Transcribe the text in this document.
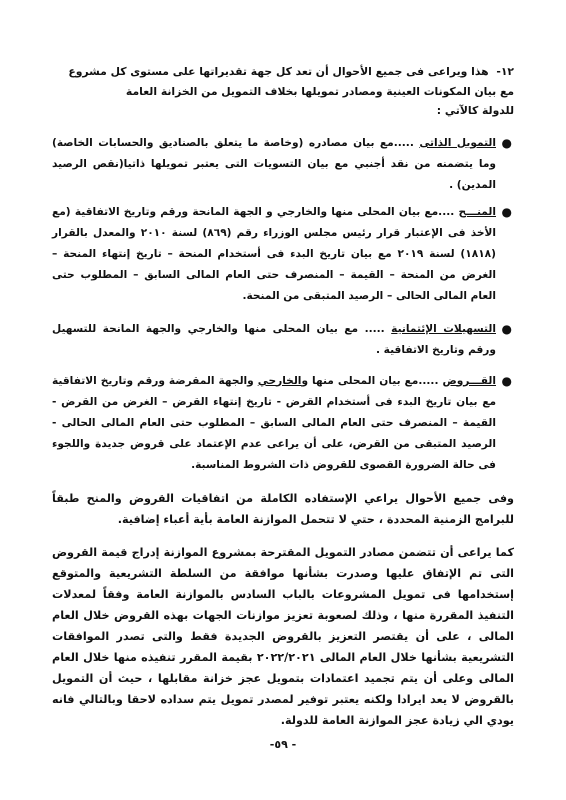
١٢- هذا ويراعى فى جميع الأحوال أن تعد كل جهة تقديراتها على مستوى كل مشروع

مع بيان المكونات العينية ومصادر تمويلها بخلاف التمويل من الخزانة العامة

للدولة كالآتي :

●
التمويل الذاتى .....مع بيان مصادره (وخاصة ما يتعلق بالصناديق والحسابات الخاصة) وما يتضمنه من نقد أجنبي مع بيان التسويات التى يعتبر تمويلها ذاتيا(نقص الرصيد المدين) .
●
المنـــح ....مع بيان المحلى منها والخارجي و الجهة المانحة ورقم وتاريخ الاتفاقية (مع الأخذ فى الإعتبار قرار رئيس مجلس الوزراء رقم (٨٦٩) لسنة ٢٠١٠ والمعدل بالقرار (١٨١٨) لسنة ٢٠١٩ مع بيان تاريخ البدء فى أستخدام المنحة – تاريخ إنتهاء المنحة – الغرض من المنحة – القيمة – المنصرف حتى العام المالى السابق – المطلوب حتى العام المالى الحالى – الرصيد المتبقى من المنحة.
●
التسهيلات الإئتمانية ..... مع بيان المحلى منها والخارجي والجهة المانحة للتسهيل ورقم وتاريخ الاتفاقية .
●
القـــروض .....مع بيان المحلى منها والخارجي والجهة المقرضة ورقم وتاريخ الاتفاقية مع بيان تاريخ البدء فى أستخدام القرض - تاريخ إنتهاء القرض – الغرض من القرض - القيمة – المنصرف حتى العام المالى السابق – المطلوب حتى العام المالى الحالى - الرصيد المتبقى من القرض، على أن يراعى عدم الإعتماد على قروض جديدة واللجوء فى حالة الضرورة القصوى للقروض ذات الشروط المناسبة.

وفى جميع الأحوال يراعي الإستفاده الكاملة من اتفاقيات القروض والمنح طبقاً للبرامج الزمنية المحددة ، حتي لا تتحمل الموازنة العامة بأية أعباء إضافية.

كما يراعى أن تتضمن مصادر التمويل المقترحة بمشروع الموازنة إدراج قيمة القروض التى تم الإتفاق عليها وصدرت بشأنها موافقة من السلطة التشريعية والمتوقع إستخدامها فى تمويل المشروعات بالباب السادس بالموازنة العامة وفقاً لمعدلات التنفيذ المقررة منها ، وذلك لصعوبة تعزيز موازنات الجهات بهذه القروض خلال العام المالى ، على أن يقتصر التعزيز بالقروض الجديدة فقط والتى تصدر الموافقات التشريعية بشأنها خلال العام المالى ٢٠٢٢/٢٠٢١ بقيمة المقرر تنفيذه منها خلال العام المالى وعلى أن يتم تجميد اعتمادات بتمويل عجز خزانة مقابلها ، حيث أن التمويل بالقروض لا يعد ايرادا ولكنه يعتبر توفير لمصدر تمويل يتم سداده لاحقا وبالتالي فانه يودي الي زيادة عجز الموازنة العامة للدولة.

- ٥٩-
